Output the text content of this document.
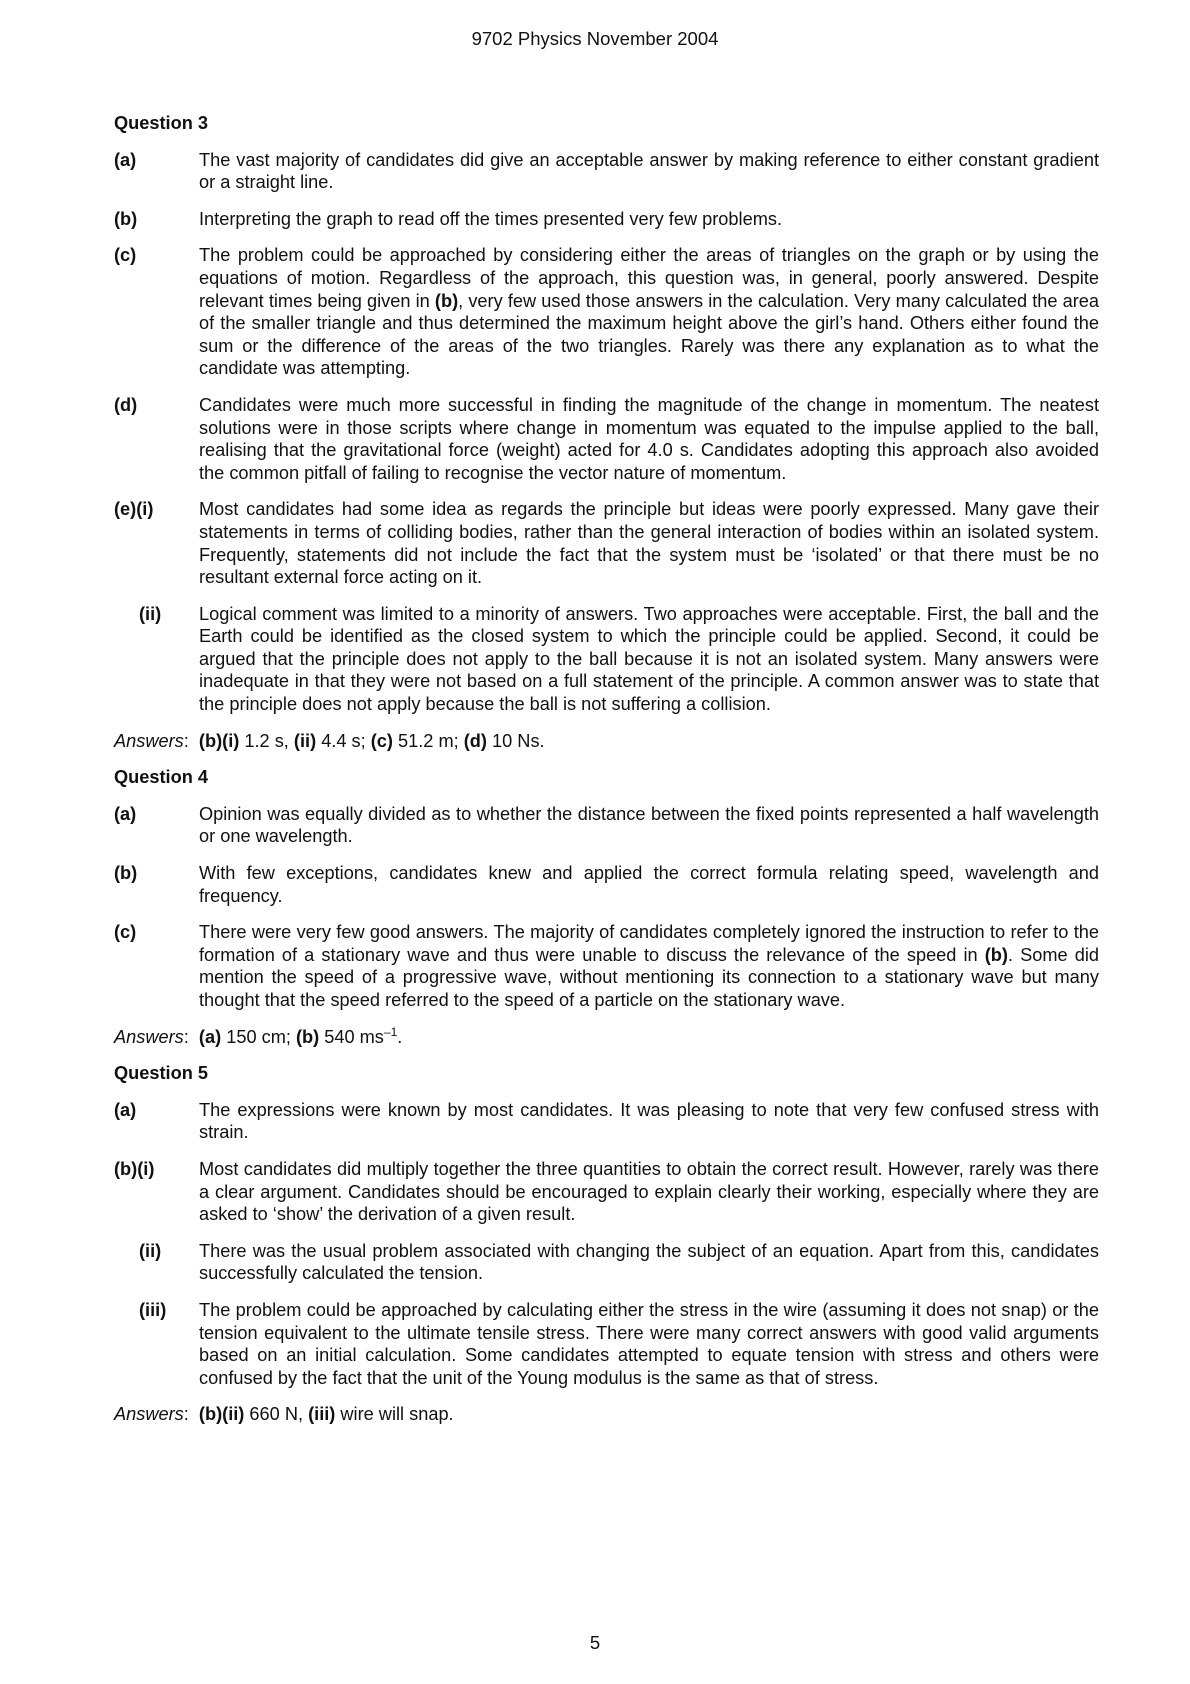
9702 Physics November 2004
Question 3
(a)	The vast majority of candidates did give an acceptable answer by making reference to either constant gradient or a straight line.
(b)	Interpreting the graph to read off the times presented very few problems.
(c)	The problem could be approached by considering either the areas of triangles on the graph or by using the equations of motion. Regardless of the approach, this question was, in general, poorly answered. Despite relevant times being given in (b), very few used those answers in the calculation. Very many calculated the area of the smaller triangle and thus determined the maximum height above the girl’s hand. Others either found the sum or the difference of the areas of the two triangles. Rarely was there any explanation as to what the candidate was attempting.
(d)	Candidates were much more successful in finding the magnitude of the change in momentum. The neatest solutions were in those scripts where change in momentum was equated to the impulse applied to the ball, realising that the gravitational force (weight) acted for 4.0 s. Candidates adopting this approach also avoided the common pitfall of failing to recognise the vector nature of momentum.
(e)(i)	Most candidates had some idea as regards the principle but ideas were poorly expressed. Many gave their statements in terms of colliding bodies, rather than the general interaction of bodies within an isolated system. Frequently, statements did not include the fact that the system must be ‘isolated’ or that there must be no resultant external force acting on it.
(ii)	Logical comment was limited to a minority of answers. Two approaches were acceptable. First, the ball and the Earth could be identified as the closed system to which the principle could be applied. Second, it could be argued that the principle does not apply to the ball because it is not an isolated system. Many answers were inadequate in that they were not based on a full statement of the principle. A common answer was to state that the principle does not apply because the ball is not suffering a collision.
Answers:  (b)(i) 1.2 s, (ii) 4.4 s; (c) 51.2 m; (d) 10 Ns.
Question 4
(a)	Opinion was equally divided as to whether the distance between the fixed points represented a half wavelength or one wavelength.
(b)	With few exceptions, candidates knew and applied the correct formula relating speed, wavelength and frequency.
(c)	There were very few good answers. The majority of candidates completely ignored the instruction to refer to the formation of a stationary wave and thus were unable to discuss the relevance of the speed in (b). Some did mention the speed of a progressive wave, without mentioning its connection to a stationary wave but many thought that the speed referred to the speed of a particle on the stationary wave.
Answers:  (a) 150 cm; (b) 540 $ms^{-1}$.
Question 5
(a)	The expressions were known by most candidates. It was pleasing to note that very few confused stress with strain.
(b)(i)	Most candidates did multiply together the three quantities to obtain the correct result. However, rarely was there a clear argument. Candidates should be encouraged to explain clearly their working, especially where they are asked to ‘show’ the derivation of a given result.
(ii)	There was the usual problem associated with changing the subject of an equation. Apart from this, candidates successfully calculated the tension.
(iii)	The problem could be approached by calculating either the stress in the wire (assuming it does not snap) or the tension equivalent to the ultimate tensile stress. There were many correct answers with good valid arguments based on an initial calculation. Some candidates attempted to equate tension with stress and others were confused by the fact that the unit of the Young modulus is the same as that of stress.
Answers:  (b)(ii) 660 N, (iii) wire will snap.
5
